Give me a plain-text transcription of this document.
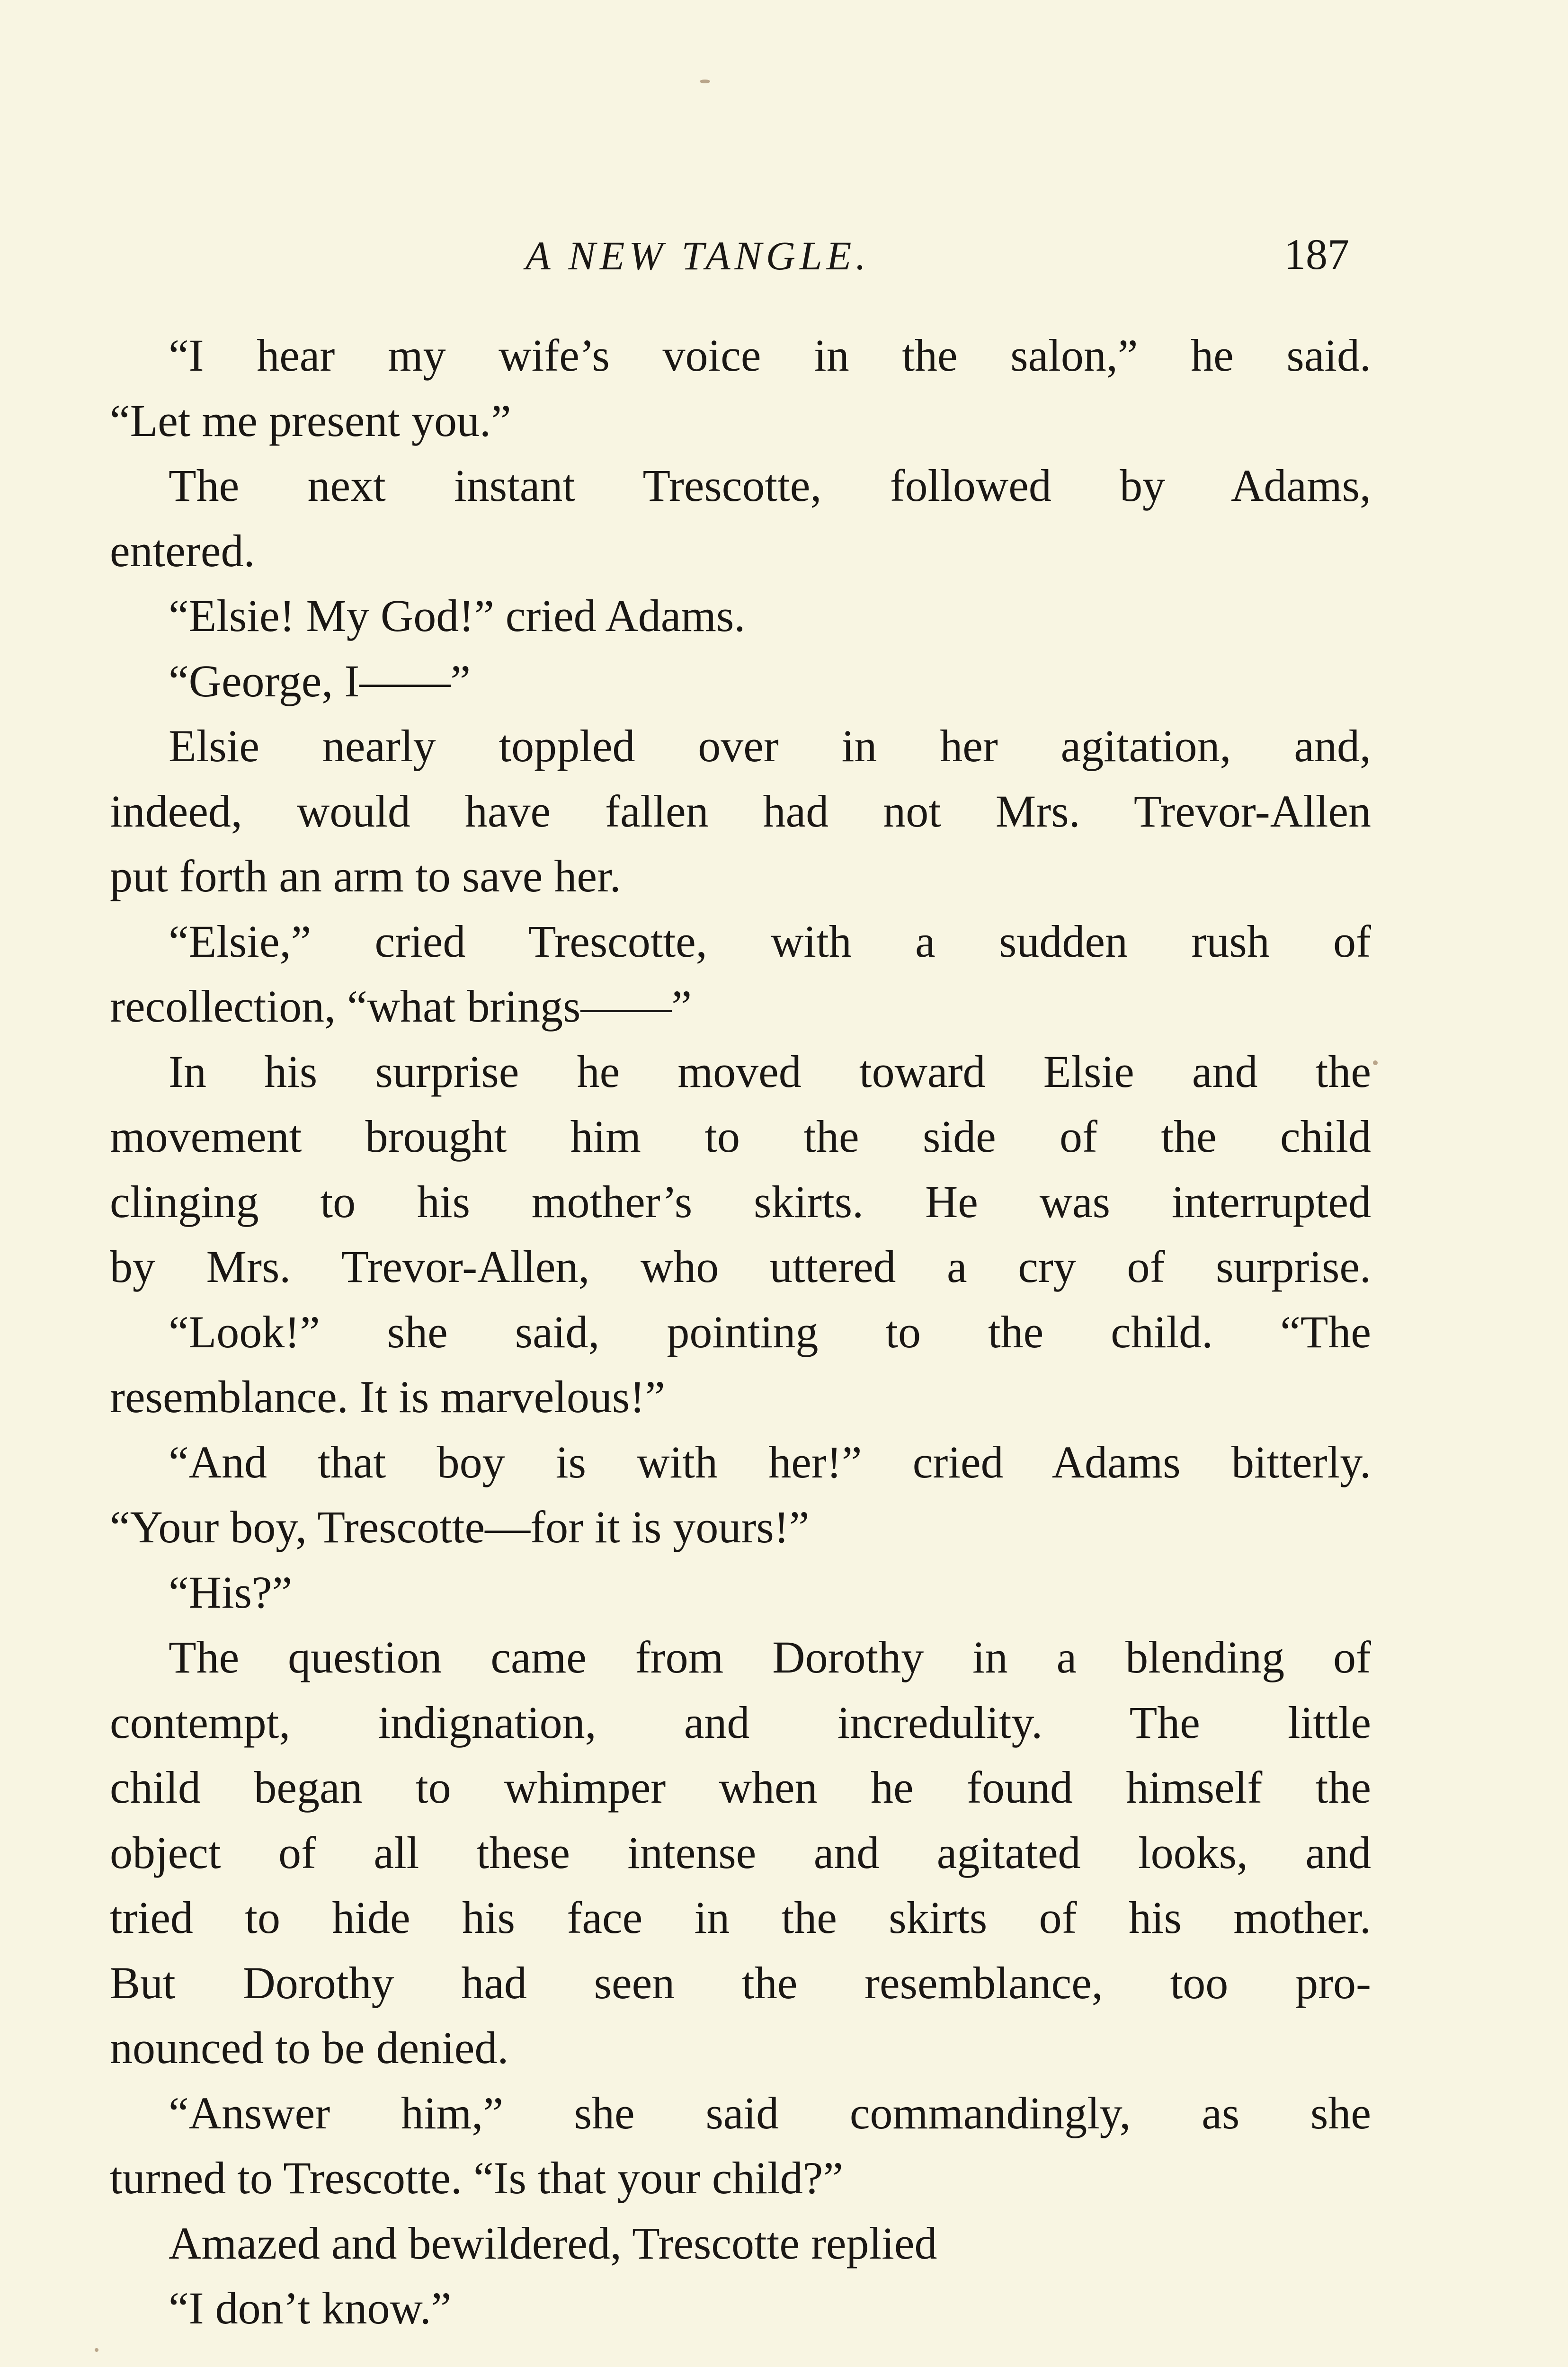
A NEW TANGLE.	187
“I hear my wife’s voice in the salon,” he said.
“Let me present you.”
The next instant Trescotte, followed by Adams,
entered.
“Elsie! My God!” cried Adams.
“George, I——”
Elsie nearly toppled over in her agitation, and,
indeed, would have fallen had not Mrs. Trevor-Allen
put forth an arm to save her.
“Elsie,” cried Trescotte, with a sudden rush of
recollection, “what brings——”
In his surprise he moved toward Elsie and the
movement brought him to the side of the child
clinging to his mother’s skirts. He was interrupted
by Mrs. Trevor-Allen, who uttered a cry of surprise.
“Look!” she said, pointing to the child. “The
resemblance. It is marvelous!”
“And that boy is with her!” cried Adams bitterly.
“Your boy, Trescotte—for it is yours!”
“His?”
The question came from Dorothy in a blending of
contempt, indignation, and incredulity. The little
child began to whimper when he found himself the
object of all these intense and agitated looks, and
tried to hide his face in the skirts of his mother.
But Dorothy had seen the resemblance, too pro-
nounced to be denied.
“Answer him,” she said commandingly, as she
turned to Trescotte. “Is that your child?”
Amazed and bewildered, Trescotte replied
“I don’t know.”
